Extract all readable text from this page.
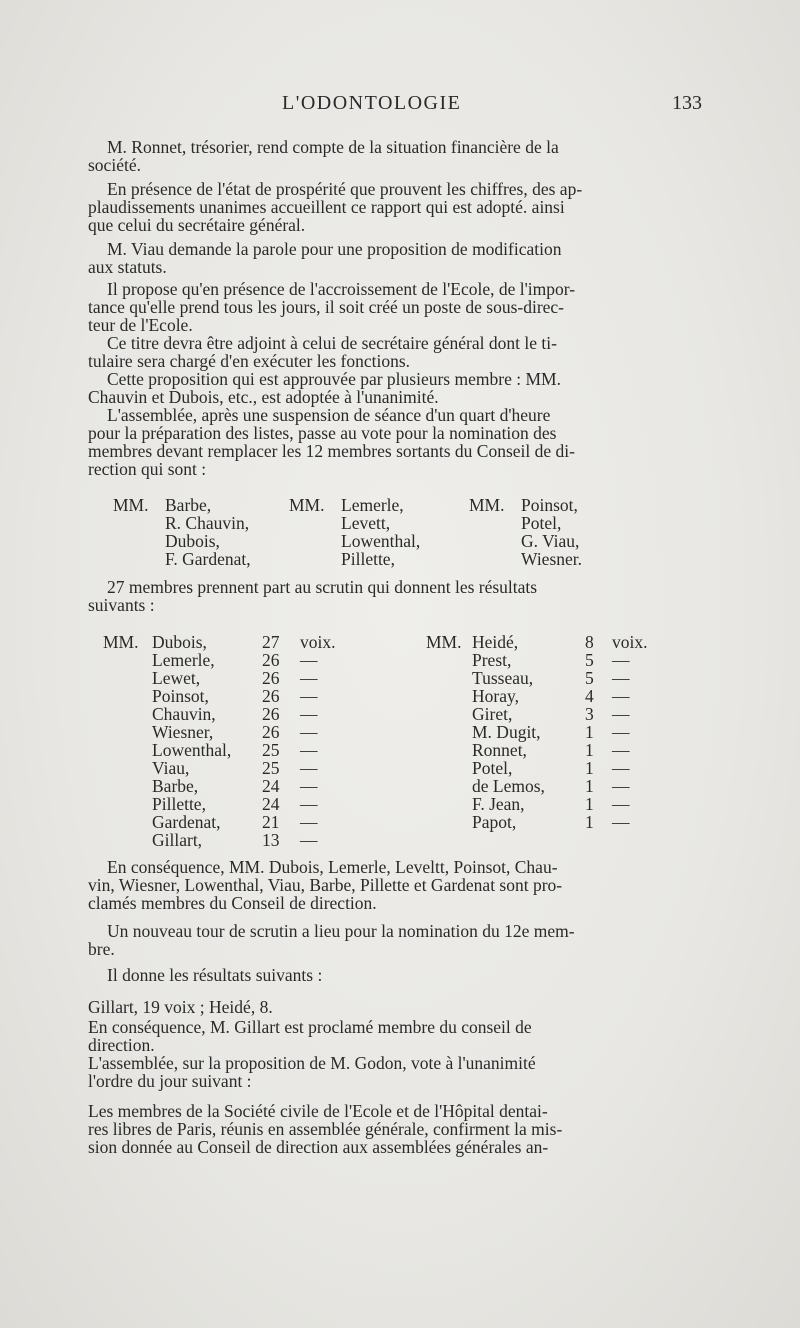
L'ODONTOLOGIE	133
M. Ronnet, trésorier, rend compte de la situation financière de la
société.
En présence de l'état de prospérité que prouvent les chiffres, des ap-
plaudissements unanimes accueillent ce rapport qui est adopté. ainsi
que celui du secrétaire général.
M. Viau demande la parole pour une proposition de modification
aux statuts.
Il propose qu'en présence de l'accroissement de l'Ecole, de l'impor-
tance qu'elle prend tous les jours, il soit créé un poste de sous-direc-
teur de l'Ecole.
Ce titre devra être adjoint à celui de secrétaire général dont le ti-
tulaire sera chargé d'en exécuter les fonctions.
Cette proposition qui est approuvée par plusieurs membre : MM.
Chauvin et Dubois, etc., est adoptée à l'unanimité.
L'assemblée, après une suspension de séance d'un quart d'heure
pour la préparation des listes, passe au vote pour la nomination des
membres devant remplacer les 12 membres sortants du Conseil de di-
rection qui sont :
MM. Barbe,
R. Chauvin,
Dubois,
F. Gardenat,
MM. Lemerle,
Levett,
Lowenthal,
Pillette,
MM. Poinsot,
Potel,
G. Viau,
Wiesner.
27 membres prennent part au scrutin qui donnent les résultats
suivants :
MM. Dubois,	27 voix.
Lemerle,	26 —
Lewet,	26 —
Poinsot,	26 —
Chauvin,	26 —
Wiesner,	26 —
Lowenthal, 25 —
Viau,	25 —
Barbe,	24 —
Pillette,	24 —
Gardenat, 21 —
Gillart,	13 —
MM. Heidé,	8 voix.
Prest,	5 —
Tusseau,	5 —
Horay,	4 —
Giret,	3 —
M. Dugit,	1 —
Ronnet,	1 —
Potel,	1 —
de Lemos, 1 —
F. Jean,	1 —
Papot,	1 —
En conséquence, MM. Dubois, Lemerle, Leveltt, Poinsot, Chau-
vin, Wiesner, Lowenthal, Viau, Barbe, Pillette et Gardenat sont pro-
clamés membres du Conseil de direction.
Un nouveau tour de scrutin a lieu pour la nomination du 12e mem-
bre.
Il donne les résultats suivants :
Gillart, 19 voix ; Heidé, 8.
En conséquence, M. Gillart est proclamé membre du conseil de
direction.
L'assemblée, sur la proposition de M. Godon, vote à l'unanimité
l'ordre du jour suivant :
Les membres de la Société civile de l'Ecole et de l'Hôpital dentai-
res libres de Paris, réunis en assemblée générale, confirment la mis-
sion donnée au Conseil de direction aux assemblées générales an-
